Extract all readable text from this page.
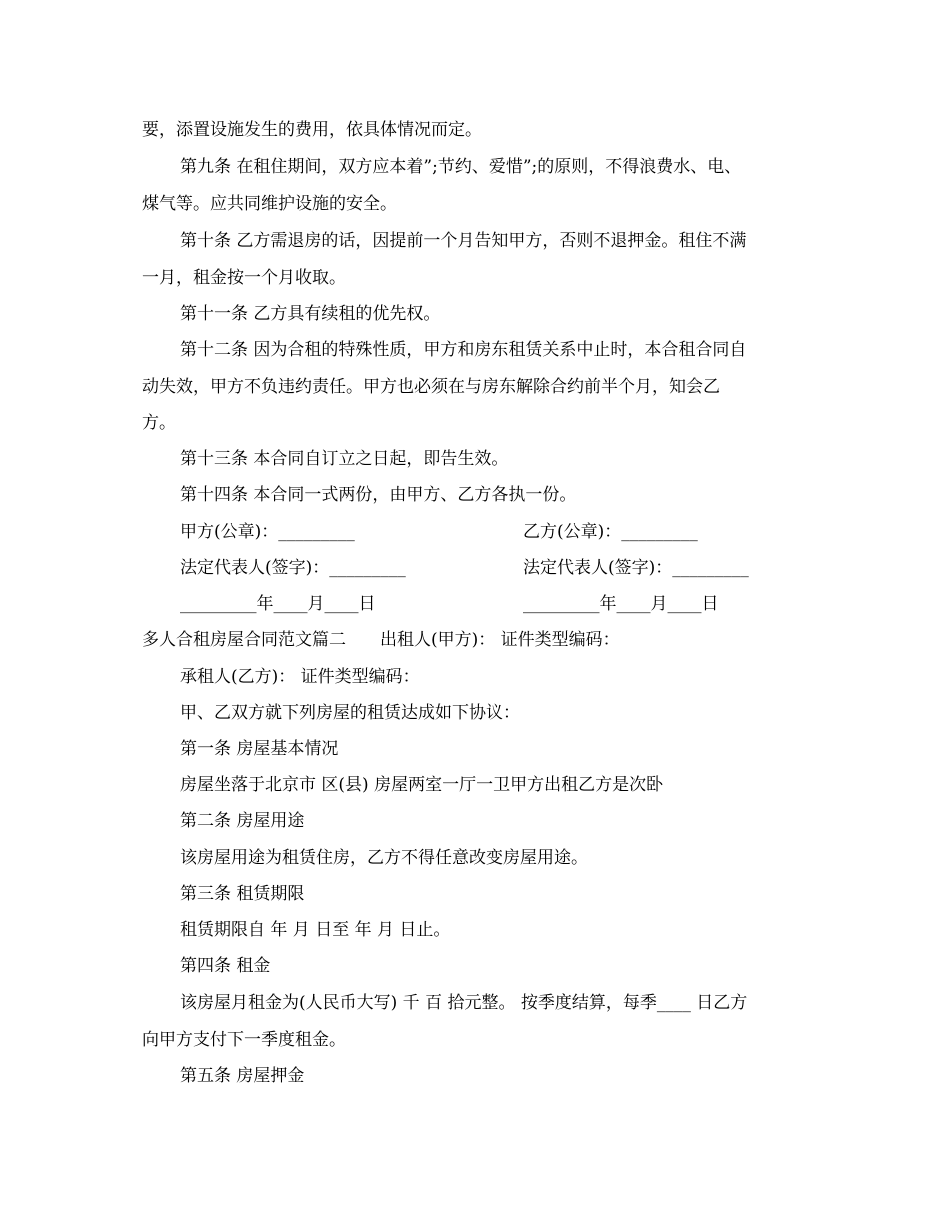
要，添置设施发生的费用，依具体情况而定。
第九条 在租住期间，双方应本着”;节约、爱惜”;的原则，不得浪费水、电、
煤气等。应共同维护设施的安全。
第十条 乙方需退房的话，因提前一个月告知甲方，否则不退押金。租住不满
一月，租金按一个月收取。
第十一条 乙方具有续租的优先权。
第十二条 因为合租的特殊性质，甲方和房东租赁关系中止时，本合租合同自
动失效，甲方不负违约责任。甲方也必须在与房东解除合约前半个月，知会乙
方。
第十三条 本合同自订立之日起，即告生效。
第十四条 本合同一式两份，由甲方、乙方各执一份。
甲方(公章)：_________	乙方(公章)：_________
法定代表人(签字)：_________	法定代表人(签字)：_________
_________年____月____日	_________年____月____日
多人合租房屋合同范文篇二　　出租人(甲方)： 证件类型编码：
承租人(乙方)： 证件类型编码：
甲、乙双方就下列房屋的租赁达成如下协议：
第一条 房屋基本情况
房屋坐落于北京市 区(县) 房屋两室一厅一卫甲方出租乙方是次卧
第二条 房屋用途
该房屋用途为租赁住房，乙方不得任意改变房屋用途。
第三条 租赁期限
租赁期限自 年 月 日至 年 月 日止。
第四条 租金
该房屋月租金为(人民币大写) 千 百 拾元整。 按季度结算，每季____ 日乙方
向甲方支付下一季度租金。
第五条 房屋押金
